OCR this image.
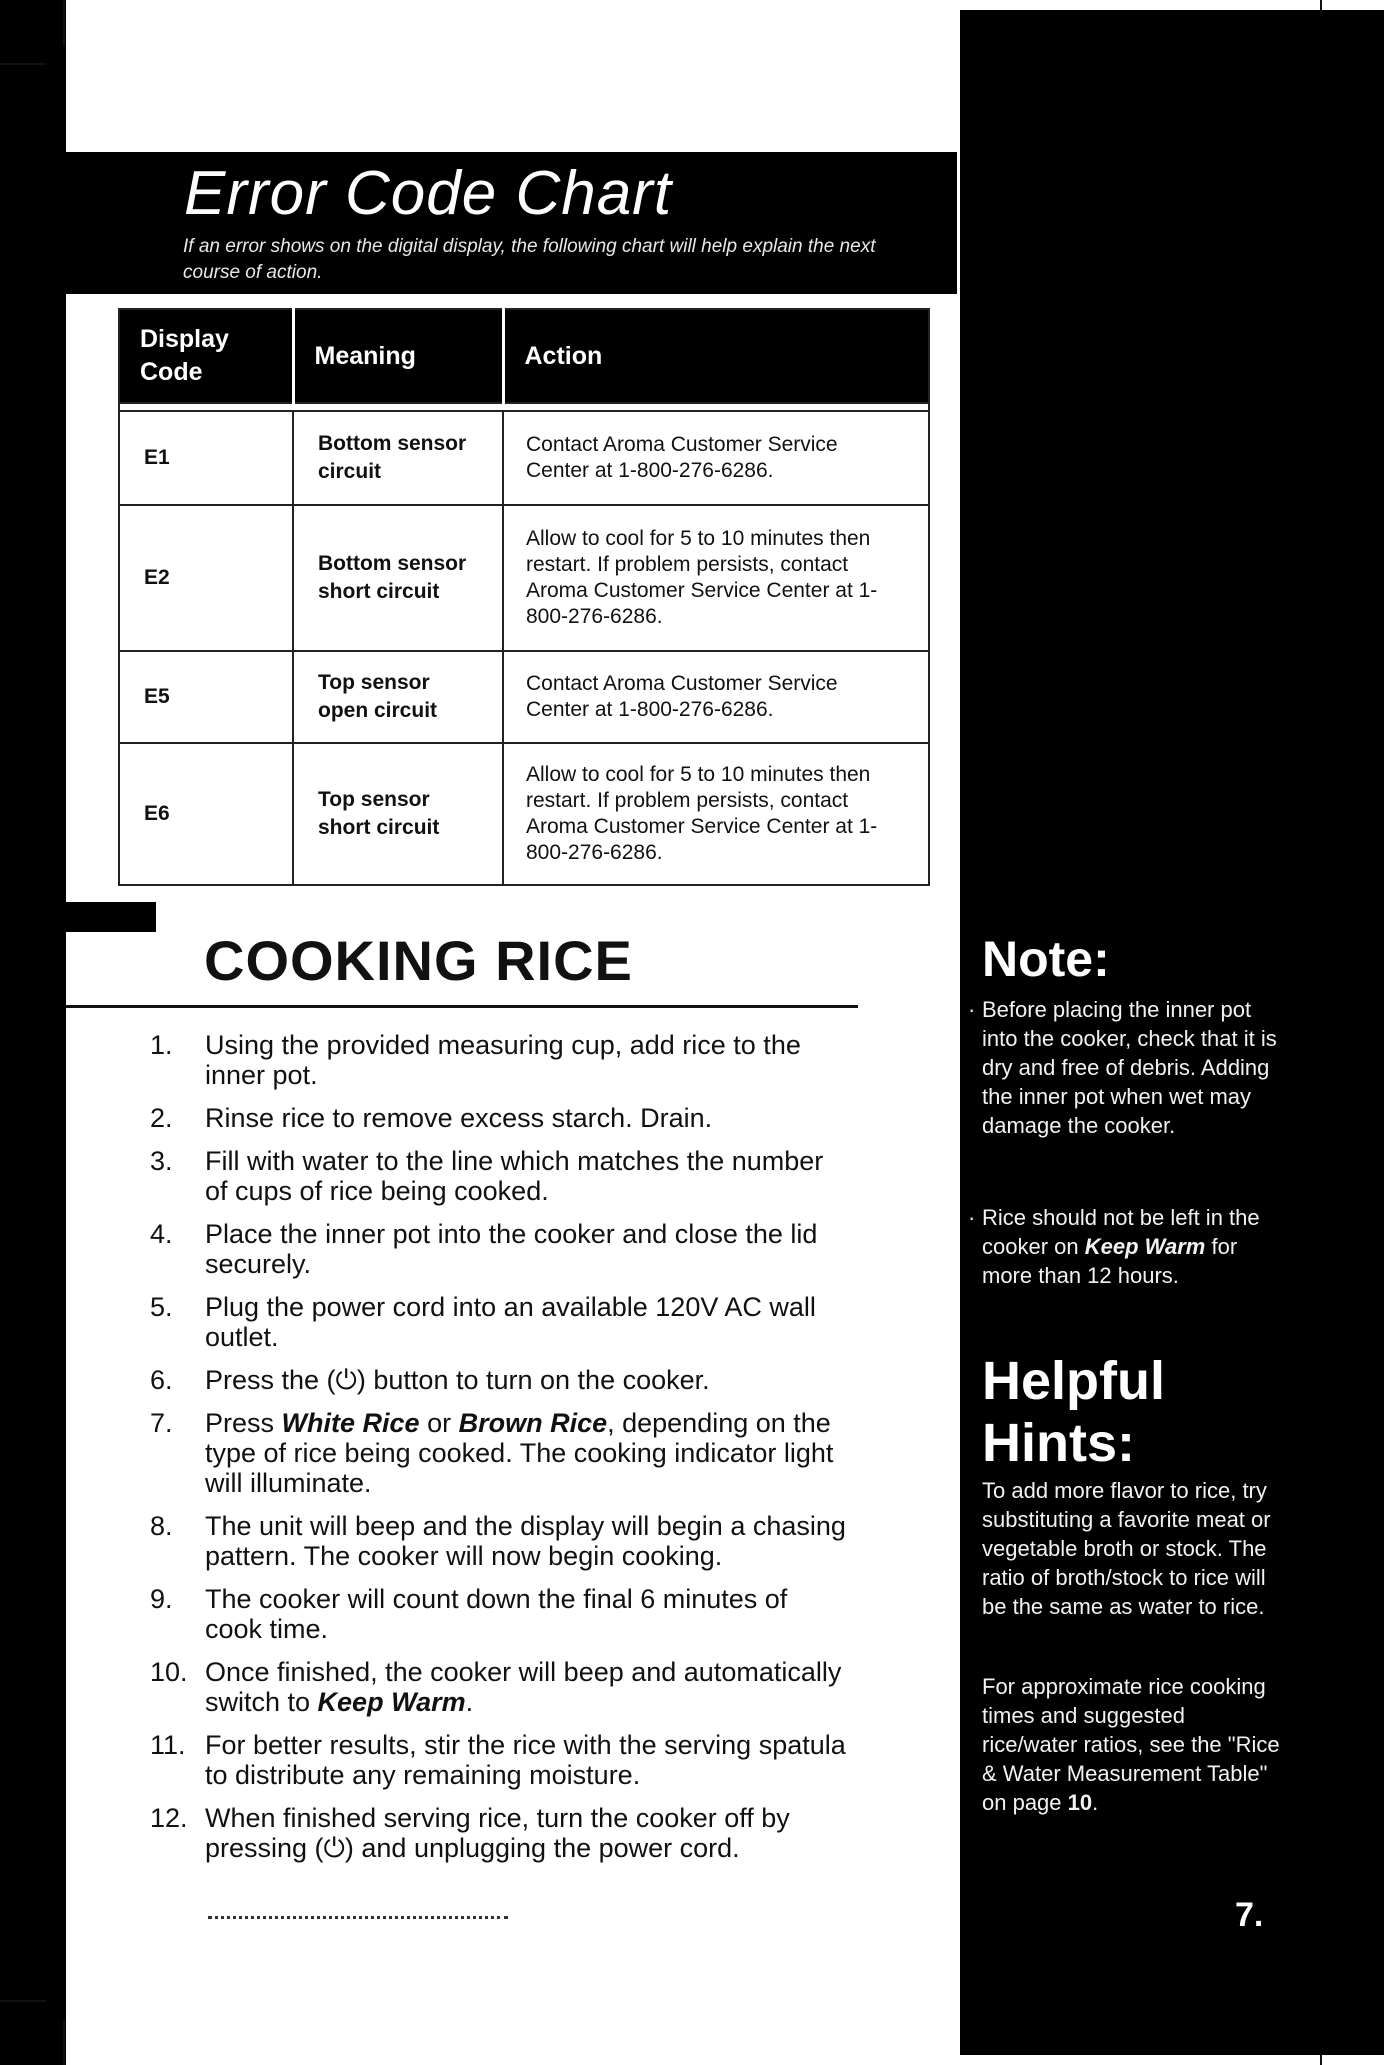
Error Code Chart
If an error shows on the digital display, the following chart will help explain the next course of action.
Display Code	Meaning	Action

E1	Bottom sensor circuit	Contact Aroma Customer Service Center at 1-800-276-6286.
E2	Bottom sensor short circuit	Allow to cool for 5 to 10 minutes then restart. If problem persists, contact Aroma Customer Service Center at 1-800-276-6286.
E5	Top sensor open circuit	Contact Aroma Customer Service Center at 1-800-276-6286.
E6	Top sensor short circuit	Allow to cool for 5 to 10 minutes then restart. If problem persists, contact Aroma Customer Service Center at 1-800-276-6286.
COOKING RICE
1.	Using the provided measuring cup, add rice to the inner pot.
2.	Rinse rice to remove excess starch. Drain.
3.	Fill with water to the line which matches the number of cups of rice being cooked.
4.	Place the inner pot into the cooker and close the lid securely.
5.	Plug the power cord into an available 120V AC wall outlet.
6.	Press the (⏻) button to turn on the cooker.
7.	Press White Rice or Brown Rice, depending on the type of rice being cooked. The cooking indicator light will illuminate.
8.	The unit will beep and the display will begin a chasing pattern. The cooker will now begin cooking.
9.	The cooker will count down the final 6 minutes of cook time.
10. Once finished, the cooker will beep and automatically switch to Keep Warm.
11. For better results, stir the rice with the serving spatula to distribute any remaining moisture.
12. When finished serving rice, turn the cooker off by pressing (⏻) and unplugging the power cord.
Note:
· Before placing the inner pot into the cooker, check that it is dry and free of debris. Adding the inner pot when wet may damage the cooker.
· Rice should not be left in the cooker on Keep Warm for more than 12 hours.
Helpful Hints:
To add more flavor to rice, try substituting a favorite meat or vegetable broth or stock. The ratio of broth/stock to rice will be the same as water to rice.
For approximate rice cooking times and suggested rice/water ratios, see the "Rice & Water Measurement Table" on page 10.
7.
